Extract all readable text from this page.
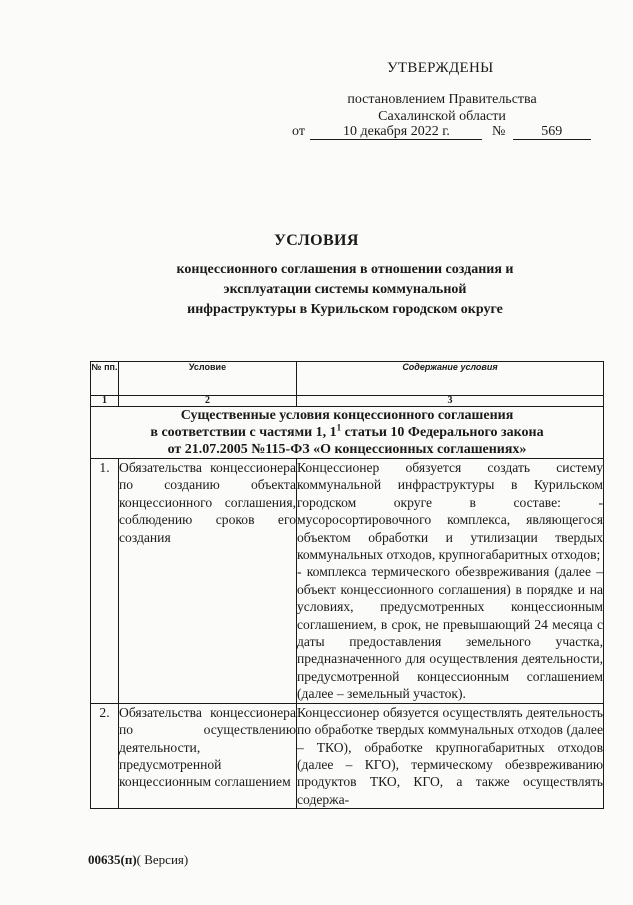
УТВЕРЖДЕНЫ
постановлением Правительства
Сахалинской области
от	10 декабря 2022 г.	№	569
УСЛОВИЯ
концессионного соглашения в отношении создания и
эксплуатации системы коммунальной
инфраструктуры в Курильском городском округе
№ пп.	Условие	Содержание условия
1	2	3

Существенные условия концессионного соглашения
в соответствии с частями 1, $1^1$ статьи 10 Федерального закона
от 21.07.2005 №115-ФЗ «О концессионных соглашениях»		

1.	Обязательства концессионера по созданию объекта концессионного соглашения, соблюдению сроков его создания	Концессионер обязуется создать систему коммунальной инфраструктуры в Курильском городском округе в составе: - мусоросортировочного комплекса, являющегося объектом обработки и утилизации твердых коммунальных отходов, крупногабаритных отходов;
- комплекса термического обезвреживания (далее – объект концессионного соглашения) в порядке и на условиях, предусмотренных концессионным соглашением, в срок, не превышающий 24 месяца с даты предоставления земельного участка, предназначенного для осуществления деятельности, предусмотренной концессионным соглашением (далее – земельный участок).

2.	Обязательства концессионера по осуществлению деятельности, предусмотренной концессионным соглашением	Концессионер обязуется осуществлять деятельность по обработке твердых коммунальных отходов (далее – ТКО), обработке крупногабаритных отходов (далее – КГО), термическому обезвреживанию продуктов ТКО, КГО, а также осуществлять содержа-
00635(п)( Версия)
